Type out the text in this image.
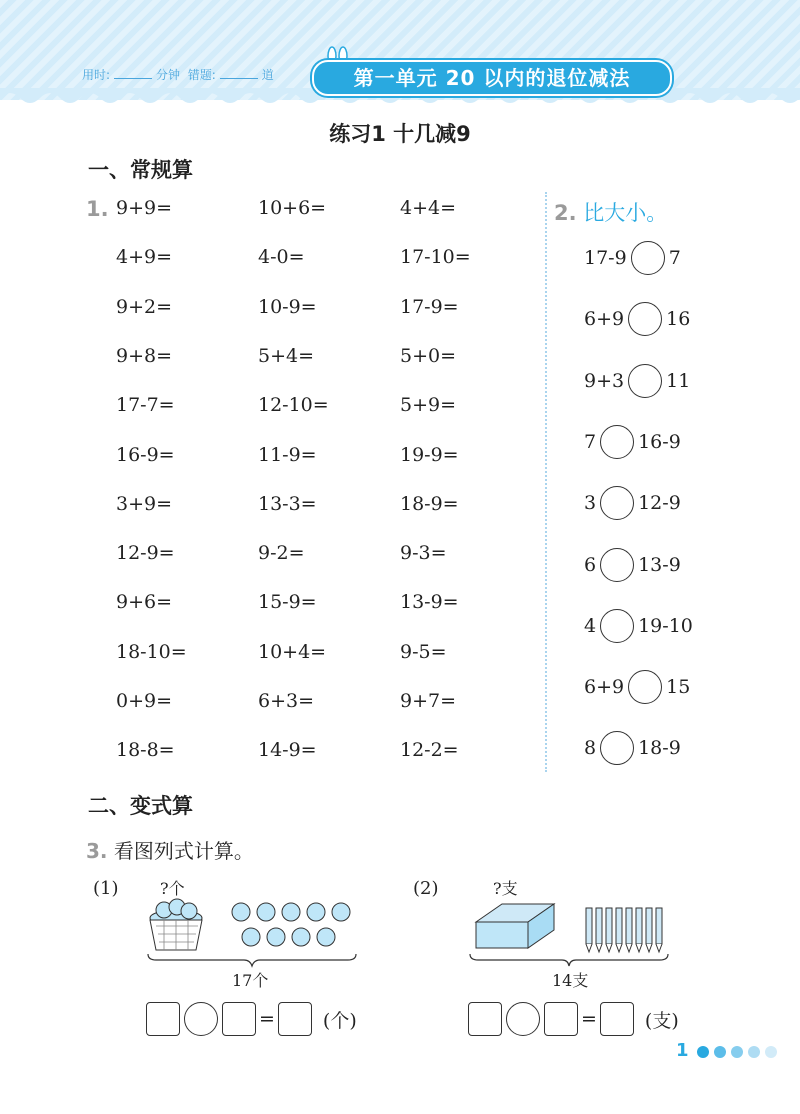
用时:	分钟 错题:	道	第一单元 20 以内的退位减法
练习1 十几减9
一、常规算
1. 9+9=	10+6=	4+4=
4+9=	4-0=	17-10=
9+2=	10-9=	17-9=
9+8=	5+4=	5+0=
17-7=	12-10=	5+9=
16-9=	11-9=	19-9=
3+9=	13-3=	18-9=
12-9=	9-2=	9-3=
9+6=	15-9=	13-9=
18-10=	10+4=	9-5=
0+9=	6+3=	9+7=
18-8=	14-9=	12-2=
2. 比大小。
17-9 7
6+9 16
9+3 11
7 16-9
3 12-9
6 13-9
4 19-10
6+9 15
8 18-9
二、变式算
3. 看图列式计算。
(1)	?个
17个
=	(个)
(2)	?支
14支
=	(支)
1
